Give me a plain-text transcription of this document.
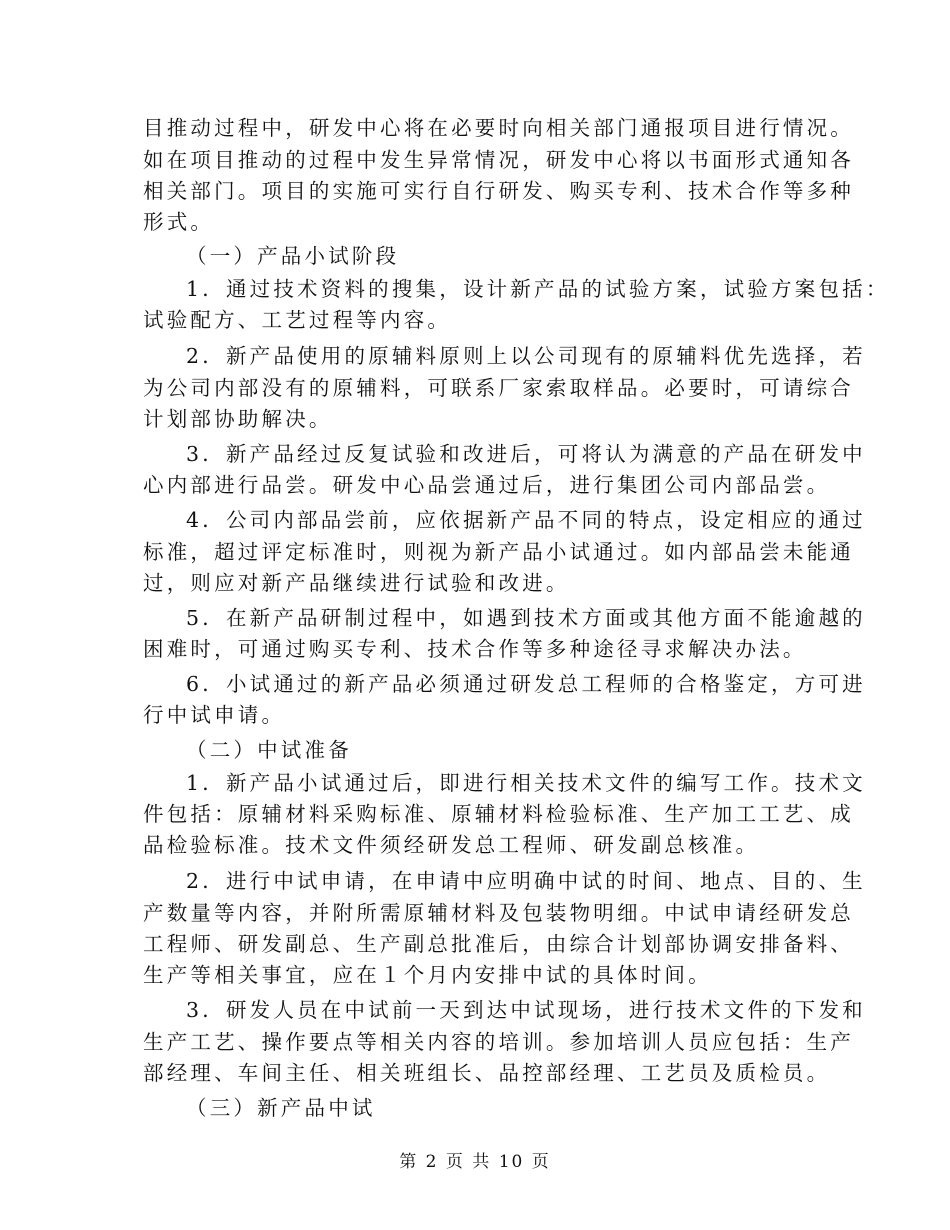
目推动过程中，研发中心将在必要时向相关部门通报项目进行情况。
如在项目推动的过程中发生异常情况，研发中心将以书面形式通知各
相关部门。项目的实施可实行自行研发、购买专利、技术合作等多种
形式。
（一）产品小试阶段
1．通过技术资料的搜集，设计新产品的试验方案，试验方案包括：
试验配方、工艺过程等内容。
2．新产品使用的原辅料原则上以公司现有的原辅料优先选择，若
为公司内部没有的原辅料，可联系厂家索取样品。必要时，可请综合
计划部协助解决。
3．新产品经过反复试验和改进后，可将认为满意的产品在研发中
心内部进行品尝。研发中心品尝通过后，进行集团公司内部品尝。
4．公司内部品尝前，应依据新产品不同的特点，设定相应的通过
标准，超过评定标准时，则视为新产品小试通过。如内部品尝未能通
过，则应对新产品继续进行试验和改进。
5．在新产品研制过程中，如遇到技术方面或其他方面不能逾越的
困难时，可通过购买专利、技术合作等多种途径寻求解决办法。
6．小试通过的新产品必须通过研发总工程师的合格鉴定，方可进
行中试申请。
（二）中试准备
1．新产品小试通过后，即进行相关技术文件的编写工作。技术文
件包括：原辅材料采购标准、原辅材料检验标准、生产加工工艺、成
品检验标准。技术文件须经研发总工程师、研发副总核准。
2．进行中试申请，在申请中应明确中试的时间、地点、目的、生
产数量等内容，并附所需原辅材料及包装物明细。中试申请经研发总
工程师、研发副总、生产副总批准后，由综合计划部协调安排备料、
生产等相关事宜，应在１个月内安排中试的具体时间。
3．研发人员在中试前一天到达中试现场，进行技术文件的下发和
生产工艺、操作要点等相关内容的培训。参加培训人员应包括：生产
部经理、车间主任、相关班组长、品控部经理、工艺员及质检员。
（三）新产品中试
第 2 页 共 10 页
